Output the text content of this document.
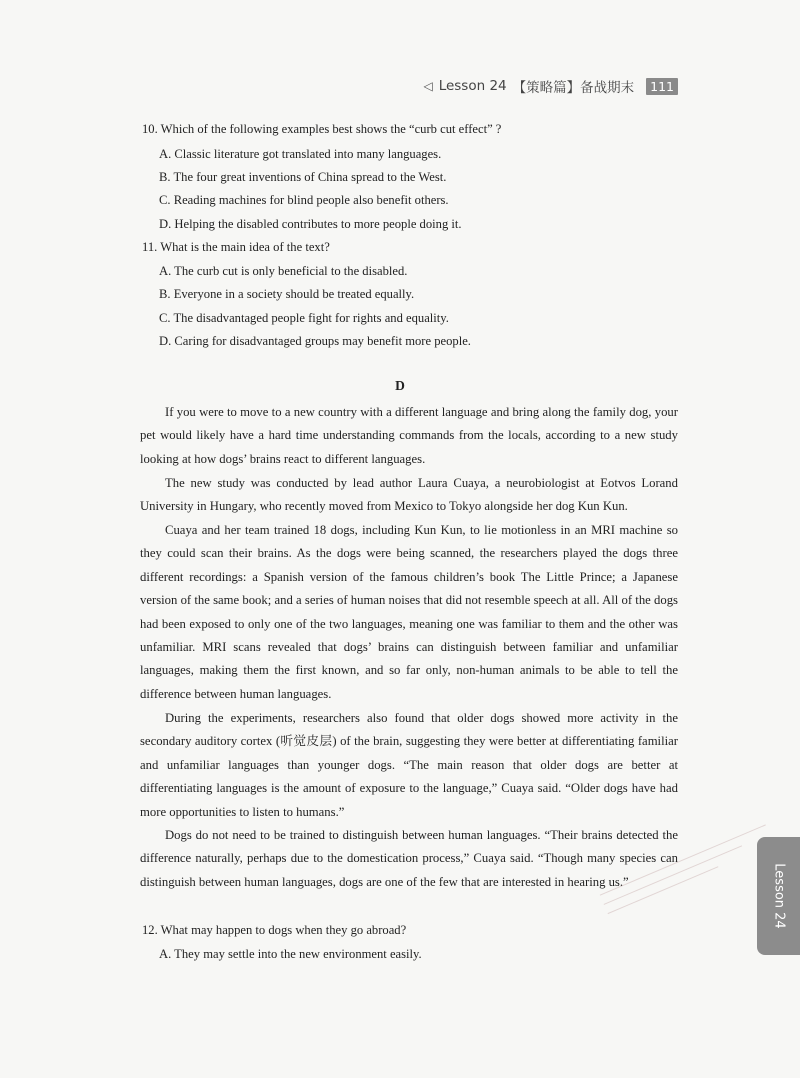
◁ Lesson 24 【策略篇】备战期末	111
10. Which of the following examples best shows the “curb cut effect” ?
A. Classic literature got translated into many languages.
B. The four great inventions of China spread to the West.
C. Reading machines for blind people also benefit others.
D. Helping the disabled contributes to more people doing it.
11. What is the main idea of the text?
A. The curb cut is only beneficial to the disabled.
B. Everyone in a society should be treated equally.
C. The disadvantaged people fight for rights and equality.
D. Caring for disadvantaged groups may benefit more people.
D

If you were to move to a new country with a different language and bring along the family dog, your pet would likely have a hard time understanding commands from the locals, according to a new study looking at how dogs’ brains react to different languages.

The new study was conducted by lead author Laura Cuaya, a neurobiologist at Eotvos Lorand University in Hungary, who recently moved from Mexico to Tokyo alongside her dog Kun Kun.

Cuaya and her team trained 18 dogs, including Kun Kun, to lie motionless in an MRI machine so they could scan their brains. As the dogs were being scanned, the researchers played the dogs three different recordings: a Spanish version of the famous children’s book The Little Prince; a Japanese version of the same book; and a series of human noises that did not resemble speech at all. All of the dogs had been exposed to only one of the two languages, meaning one was familiar to them and the other was unfamiliar. MRI scans revealed that dogs’ brains can distinguish between familiar and unfamiliar languages, making them the first known, and so far only, non-human animals to be able to tell the difference between human languages.

During the experiments, researchers also found that older dogs showed more activity in the secondary auditory cortex (听觉皮层) of the brain, suggesting they were better at differentiating familiar and unfamiliar languages than younger dogs. “The main reason that older dogs are better at differentiating languages is the amount of exposure to the language,” Cuaya said. “Older dogs have had more opportunities to listen to humans.”

Dogs do not need to be trained to distinguish between human languages. “Their brains detected the difference naturally, perhaps due to the domestication process,” Cuaya said. “Though many species can distinguish between human languages, dogs are one of the few that are interested in hearing us.”

12. What may happen to dogs when they go abroad?
A. They may settle into the new environment easily.
Lesson 24
